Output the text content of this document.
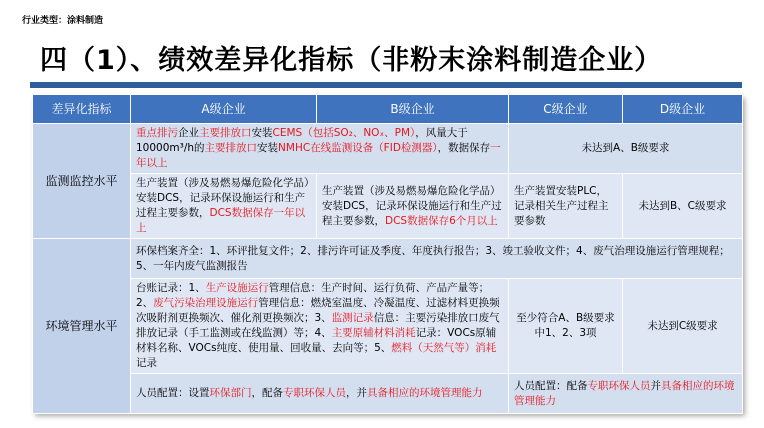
行业类型：涂料制造
四（1）、绩效差异化指标（非粉末涂料制造企业）
差异化指标	A级企业	B级企业	C级企业	D级企业
监测监控水平	重点排污企业主要排放口安装CEMS（包括SO₂、NOₓ、PM），风量大于10000m³/h的主要排放口安装NMHC在线监测设备（FID检测器），数据保存一年以上		未达到A、B级要求	
	生产装置（涉及易燃易爆危险化学品）安装DCS，记录环保设施运行和生产过程主要参数，DCS数据保存一年以上	生产装置（涉及易燃易爆危险化学品）安装DCS，记录环保设施运行和生产过程主要参数，DCS数据保存6个月以上	生产装置安装PLC，记录相关生产过程主要参数	未达到B、C级要求
环境管理水平	环保档案齐全：1、环评批复文件；2、排污许可证及季度、年度执行报告；3、竣工验收文件；4、废气治理设施运行管理规程；5、一年内废气监测报告			
	台账记录：1、生产设施运行管理信息：生产时间、运行负荷、产品产量等；2、废气污染治理设施运行管理信息：燃烧室温度、冷凝温度、过滤材料更换频次吸附剂更换频次、催化剂更换频次；3、监测记录信息：主要污染排放口废气排放记录（手工监测或在线监测）等；4、主要原辅材料消耗记录：VOCs原辅材料名称、VOCs纯度、使用量、回收量、去向等；5、燃料（天然气等）消耗记录		至少符合A、B级要求中1、2、3项	未达到C级要求
	人员配置：设置环保部门，配备专职环保人员，并具备相应的环境管理能力		人员配置：配备专职环保人员并具备相应的环境管理能力	
